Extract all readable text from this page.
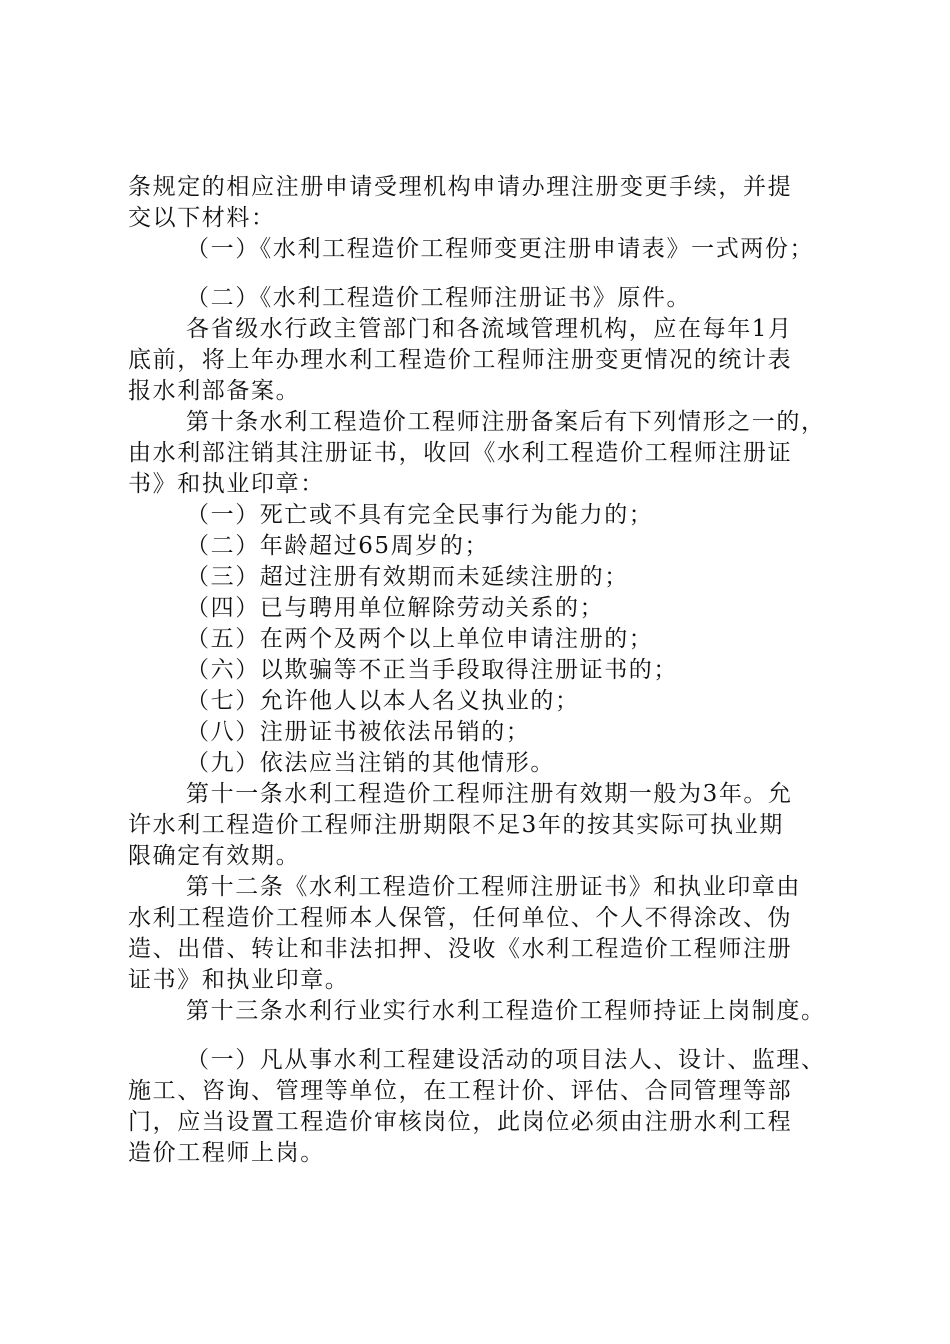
条规定的相应注册申请受理机构申请办理注册变更手续，并提
交以下材料：
（一）《水利工程造价工程师变更注册申请表》一式两份；
（二）《水利工程造价工程师注册证书》原件。
各省级水行政主管部门和各流域管理机构，应在每年1月
底前，将上年办理水利工程造价工程师注册变更情况的统计表
报水利部备案。
第十条水利工程造价工程师注册备案后有下列情形之一的，
由水利部注销其注册证书，收回《水利工程造价工程师注册证
书》和执业印章：
（一）死亡或不具有完全民事行为能力的；
（二）年龄超过65周岁的；
（三）超过注册有效期而未延续注册的；
（四）已与聘用单位解除劳动关系的；
（五）在两个及两个以上单位申请注册的；
（六）以欺骗等不正当手段取得注册证书的；
（七）允许他人以本人名义执业的；
（八）注册证书被依法吊销的；
（九）依法应当注销的其他情形。
第十一条水利工程造价工程师注册有效期一般为3年。允
许水利工程造价工程师注册期限不足3年的按其实际可执业期
限确定有效期。
第十二条《水利工程造价工程师注册证书》和执业印章由
水利工程造价工程师本人保管，任何单位、个人不得涂改、伪
造、出借、转让和非法扣押、没收《水利工程造价工程师注册
证书》和执业印章。
第十三条水利行业实行水利工程造价工程师持证上岗制度。
（一）凡从事水利工程建设活动的项目法人、设计、监理、
施工、咨询、管理等单位，在工程计价、评估、合同管理等部
门，应当设置工程造价审核岗位，此岗位必须由注册水利工程
造价工程师上岗。
